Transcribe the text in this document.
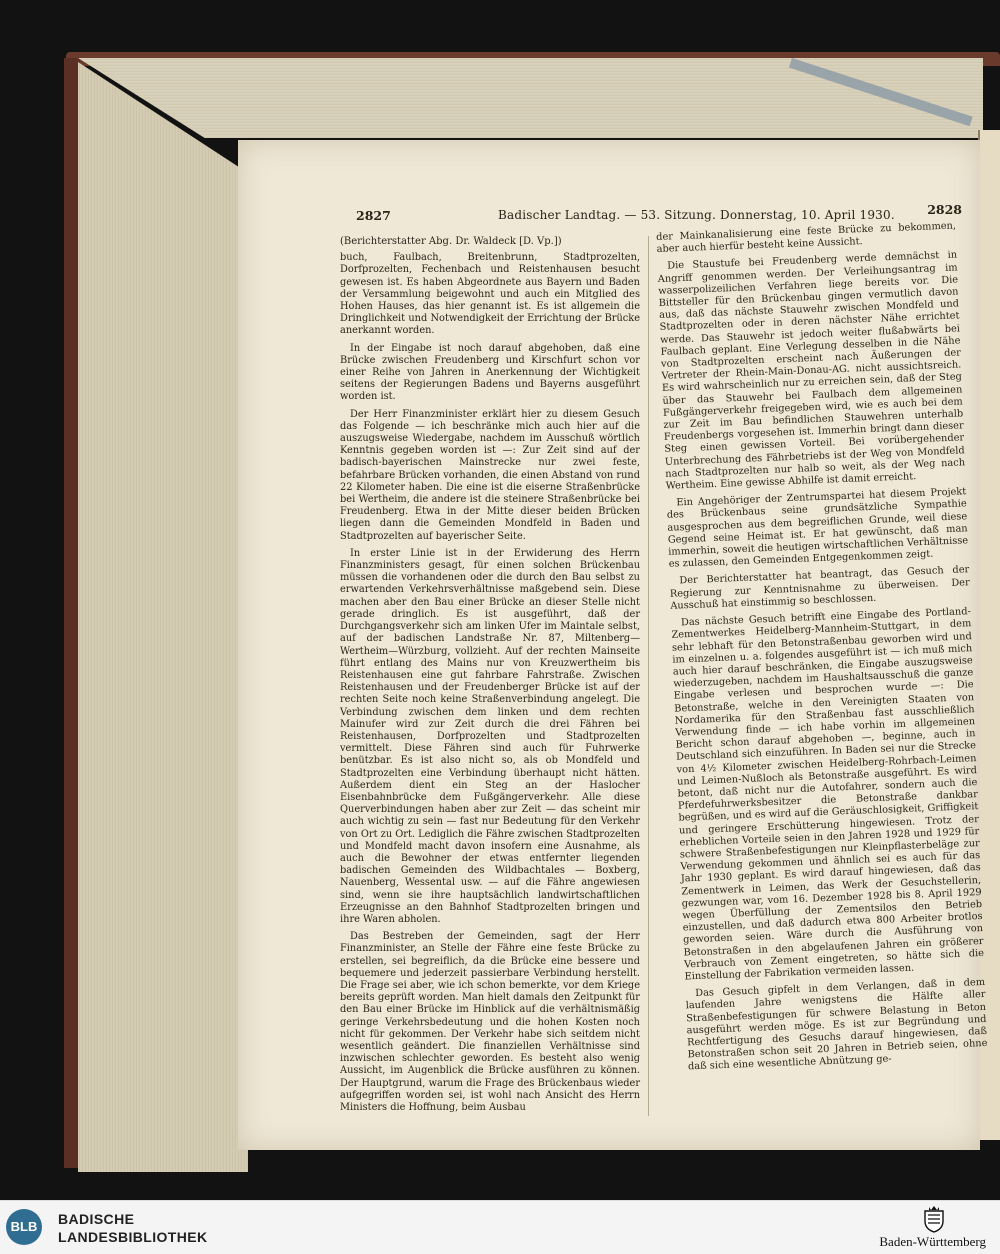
2827	Badischer Landtag. — 53. Sitzung. Donnerstag, 10. April 1930.	2828
(Berichterstatter Abg. Dr. Waldeck [D. Vp.])

buch, Faulbach, Breitenbrunn, Stadtprozelten, Dorfprozelten, Fechenbach und Reistenhausen besucht gewesen ist. Es haben Abgeordnete aus Bayern und Baden der Versammlung beigewohnt und auch ein Mitglied des Hohen Hauses, das hier genannt ist. Es ist allgemein die Dringlichkeit und Notwendigkeit der Errichtung der Brücke anerkannt worden.

In der Eingabe ist noch darauf abgehoben, daß eine Brücke zwischen Freudenberg und Kirschfurt schon vor einer Reihe von Jahren in Anerkennung der Wichtigkeit seitens der Regierungen Badens und Bayerns ausgeführt worden ist.

Der Herr Finanzminister erklärt hier zu diesem Gesuch das Folgende — ich beschränke mich auch hier auf die auszugsweise Wiedergabe, nachdem im Ausschuß wörtlich Kenntnis gegeben worden ist —: Zur Zeit sind auf der badisch-bayerischen Mainstrecke nur zwei feste, befahrbare Brücken vorhanden, die einen Abstand von rund 22 Kilometer haben. Die eine ist die eiserne Straßenbrücke bei Wertheim, die andere ist die steinere Straßenbrücke bei Freudenberg. Etwa in der Mitte dieser beiden Brücken liegen dann die Gemeinden Mondfeld in Baden und Stadtprozelten auf bayerischer Seite.

In erster Linie ist in der Erwiderung des Herrn Finanzministers gesagt, für einen solchen Brückenbau müssen die vorhandenen oder die durch den Bau selbst zu erwartenden Verkehrsverhältnisse maßgebend sein. Diese machen aber den Bau einer Brücke an dieser Stelle nicht gerade dringlich. Es ist ausgeführt, daß der Durchgangsverkehr sich am linken Ufer im Maintale selbst, auf der badischen Landstraße Nr. 87, Miltenberg—Wertheim—Würzburg, vollzieht. Auf der rechten Mainseite führt entlang des Mains nur von Kreuzwertheim bis Reistenhausen eine gut fahrbare Fahrstraße. Zwischen Reistenhausen und der Freudenberger Brücke ist auf der rechten Seite noch keine Straßenverbindung angelegt. Die Verbindung zwischen dem linken und dem rechten Mainufer wird zur Zeit durch die drei Fähren bei Reistenhausen, Dorfprozelten und Stadtprozelten vermittelt. Diese Fähren sind auch für Fuhrwerke benützbar. Es ist also nicht so, als ob Mondfeld und Stadtprozelten eine Verbindung überhaupt nicht hätten. Außerdem dient ein Steg an der Haslocher Eisenbahnbrücke dem Fußgängerverkehr. Alle diese Querverbindungen haben aber zur Zeit — das scheint mir auch wichtig zu sein — fast nur Bedeutung für den Verkehr von Ort zu Ort. Lediglich die Fähre zwischen Stadtprozelten und Mondfeld macht davon insofern eine Ausnahme, als auch die Bewohner der etwas entfernter liegenden badischen Gemeinden des Wildbachtales — Boxberg, Nauenberg, Wessental usw. — auf die Fähre angewiesen sind, wenn sie ihre hauptsächlich landwirtschaftlichen Erzeugnisse an den Bahnhof Stadtprozelten bringen und ihre Waren abholen.

Das Bestreben der Gemeinden, sagt der Herr Finanzminister, an Stelle der Fähre eine feste Brücke zu erstellen, sei begreiflich, da die Brücke eine bessere und bequemere und jederzeit passierbare Verbindung herstellt. Die Frage sei aber, wie ich schon bemerkte, vor dem Kriege bereits geprüft worden. Man hielt damals den Zeitpunkt für den Bau einer Brücke im Hinblick auf die verhältnismäßig geringe Verkehrsbedeutung und die hohen Kosten noch nicht für gekommen. Der Verkehr habe sich seitdem nicht wesentlich geändert. Die finanziellen Verhältnisse sind inzwischen schlechter geworden. Es besteht also wenig Aussicht, im Augenblick die Brücke ausführen zu können. Der Hauptgrund, warum die Frage des Brückenbaus wieder aufgegriffen worden sei, ist wohl nach Ansicht des Herrn Ministers die Hoffnung, beim Ausbau

der Mainkanalisierung eine feste Brücke zu bekommen, aber auch hierfür besteht keine Aussicht.

Die Staustufe bei Freudenberg werde demnächst in Angriff genommen werden. Der Verleihungsantrag im wasserpolizeilichen Verfahren liege bereits vor. Die Bittsteller für den Brückenbau gingen vermutlich davon aus, daß das nächste Stauwehr zwischen Mondfeld und Stadtprozelten oder in deren nächster Nähe errichtet werde. Das Stauwehr ist jedoch weiter flußabwärts bei Faulbach geplant. Eine Verlegung desselben in die Nähe von Stadtprozelten erscheint nach Äußerungen der Vertreter der Rhein-Main-Donau-AG. nicht aussichtsreich. Es wird wahrscheinlich nur zu erreichen sein, daß der Steg über das Stauwehr bei Faulbach dem allgemeinen Fußgängerverkehr freigegeben wird, wie es auch bei dem zur Zeit im Bau befindlichen Stauwehren unterhalb Freudenbergs vorgesehen ist. Immerhin bringt dann dieser Steg einen gewissen Vorteil. Bei vorübergehender Unterbrechung des Fährbetriebs ist der Weg von Mondfeld nach Stadtprozelten nur halb so weit, als der Weg nach Wertheim. Eine gewisse Abhilfe ist damit erreicht.

Ein Angehöriger der Zentrumspartei hat diesem Projekt des Brückenbaus seine grundsätzliche Sympathie ausgesprochen aus dem begreiflichen Grunde, weil diese Gegend seine Heimat ist. Er hat gewünscht, daß man immerhin, soweit die heutigen wirtschaftlichen Verhältnisse es zulassen, den Gemeinden Entgegenkommen zeigt.

Der Berichterstatter hat beantragt, das Gesuch der Regierung zur Kenntnisnahme zu überweisen. Der Ausschuß hat einstimmig so beschlossen.

Das nächste Gesuch betrifft eine Eingabe des Portland-Zementwerkes Heidelberg-Mannheim-Stuttgart, in dem sehr lebhaft für den Betonstraßenbau geworben wird und im einzelnen u. a. folgendes ausgeführt ist — ich muß mich auch hier darauf beschränken, die Eingabe auszugsweise wiederzugeben, nachdem im Haushaltsausschuß die ganze Eingabe verlesen und besprochen wurde —: Die Betonstraße, welche in den Vereinigten Staaten von Nordamerika für den Straßenbau fast ausschließlich Verwendung finde — ich habe vorhin im allgemeinen Bericht schon darauf abgehoben —, beginne, auch in Deutschland sich einzuführen. In Baden sei nur die Strecke von 4½ Kilometer zwischen Heidelberg-Rohrbach-Leimen und Leimen-Nußloch als Betonstraße ausgeführt. Es wird betont, daß nicht nur die Autofahrer, sondern auch die Pferdefuhrwerksbesitzer die Betonstraße dankbar begrüßen, und es wird auf die Geräuschlosigkeit, Griffigkeit und geringere Erschütterung hingewiesen. Trotz der erheblichen Vorteile seien in den Jahren 1928 und 1929 für schwere Straßenbefestigungen nur Kleinpflasterbeläge zur Verwendung gekommen und ähnlich sei es auch für das Jahr 1930 geplant. Es wird darauf hingewiesen, daß das Zementwerk in Leimen, das Werk der Gesuchstellerin, gezwungen war, vom 16. Dezember 1928 bis 8. April 1929 wegen Überfüllung der Zementsilos den Betrieb einzustellen, und daß dadurch etwa 800 Arbeiter brotlos geworden seien. Wäre durch die Ausführung von Betonstraßen in den abgelaufenen Jahren ein größerer Verbrauch von Zement eingetreten, so hätte sich die Einstellung der Fabrikation vermeiden lassen.

Das Gesuch gipfelt in dem Verlangen, daß in dem laufenden Jahre wenigstens die Hälfte aller Straßenbefestigungen für schwere Belastung in Beton ausgeführt werden möge. Es ist zur Begründung und Rechtfertigung des Gesuchs darauf hingewiesen, daß Betonstraßen schon seit 20 Jahren in Betrieb seien, ohne daß sich eine wesentliche Abnützung ge-

BLB	BADISCHE
LANDESBIBLIOTHEK	Baden-Württemberg
